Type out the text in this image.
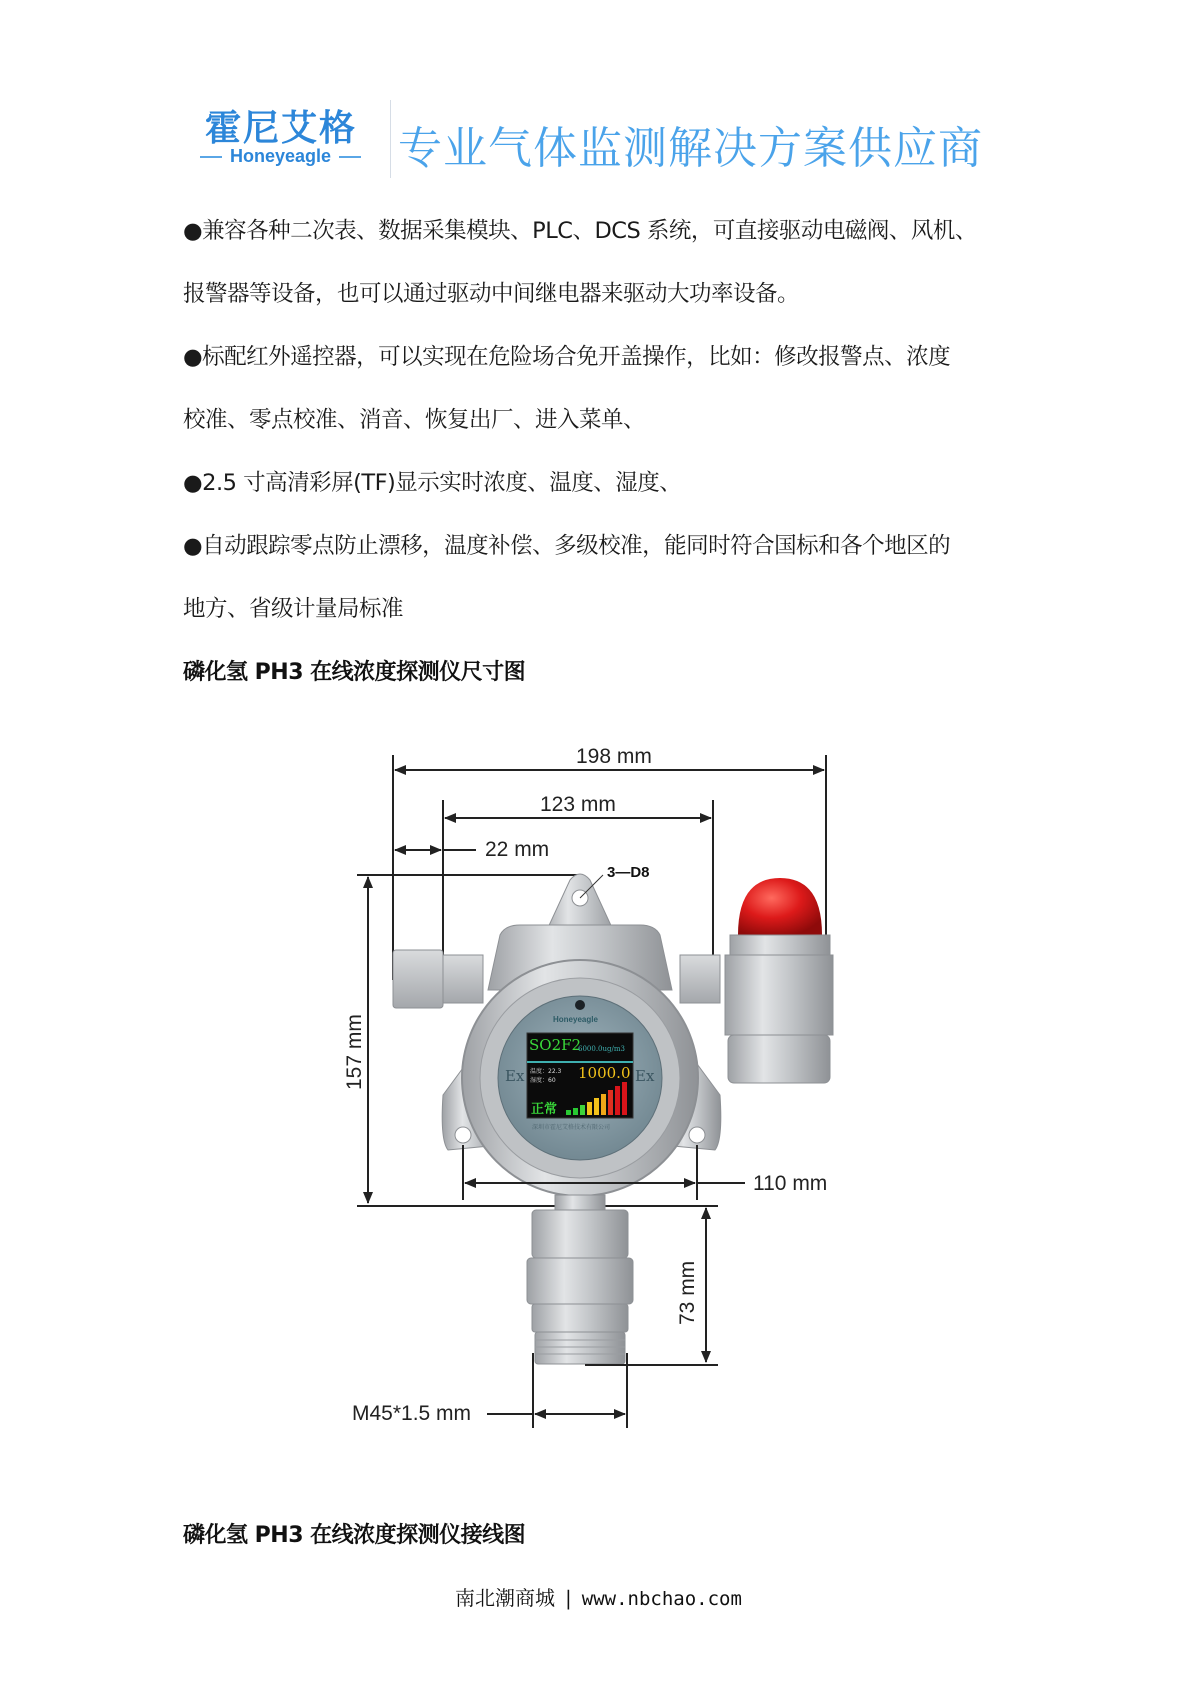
霍尼艾格
Honeyeagle 专业气体监测解决方案供应商
●兼容各种二次表、数据采集模块、PLC、DCS 系统，可直接驱动电磁阀、风机、
报警器等设备，也可以通过驱动中间继电器来驱动大功率设备。
●标配红外遥控器，可以实现在危险场合免开盖操作，比如：修改报警点、浓度
校准、零点校准、消音、恢复出厂、进入菜单、
●2.5 寸高清彩屏(TF)显示实时浓度、温度、湿度、
●自动跟踪零点防止漂移，温度补偿、多级校准，能同时符合国标和各个地区的
地方、省级计量局标准
磷化氢 PH3 在线浓度探测仪尺寸图
198 mm
123 mm
22 mm
3—D8
157 mm
110 mm
73 mm
M45*1.5 mm
Honeyeagle
Ex	Ex
SO2F2
6000.0ug/m3
温度：22.3
湿度：60 1000.0
正常
深圳市霍尼艾格技术有限公司
磷化氢 PH3 在线浓度探测仪接线图
南北潮商城 | www.nbchao.com
